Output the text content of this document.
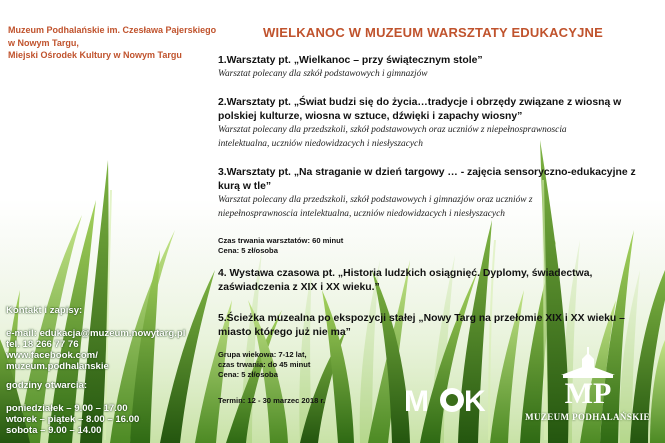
Muzeum Podhalańskie im. Czesława Pajerskiego
w Nowym Targu,
Miejski Ośrodek Kultury w Nowym Targu
WIELKANOC W MUZEUM WARSZTATY EDUKACYJNE
1.Warsztaty pt. „Wielkanoc – przy świątecznym stole”
Warsztat polecany dla szkół podstawowych i gimnazjów
2.Warsztaty pt. „Świat budzi się do życia…tradycje i obrzędy związane z wiosną w
polskiej kulturze, wiosna w sztuce, dźwięki i zapachy wiosny”
Warsztat polecany dla przedszkoli, szkół podstawowych oraz uczniów z niepełnosprawnoscia
intelektualna, uczniów niedowidzacych i niesłyszacych
3.Warsztaty pt. „Na straganie w dzień targowy … - zajęcia sensoryczno-edukacyjne z
kurą w tle”
Warsztat polecany dla przedszkoli, szkół podstawowych i gimnazjów oraz uczniów z
niepełnosprawnoscia intelektualna, uczniów niedowidzacych i niesłyszacych
Czas trwania warsztatów: 60 minut
Cena: 5 zł/osoba
4. Wystawa czasowa pt. „Historia ludzkich osiągnięć. Dyplomy, świadectwa,
zaświadczenia z XIX i XX wieku.”
5.Ścieżka muzealna po ekspozycji stałej „Nowy Targ na przełomie XIX i XX wieku –
miasto którego już nie ma”
Grupa wiekowa: 7-12 lat,
czas trwania: do 45 minut
Cena: 5 zł/osoba
Termin: 12 - 30 marzec 2018 r.
Kontakt i zapisy:
e-mail: edukacja@muzeum.nowytarg.pl
tel. 18 266 77 76
www.facebook.com/
muzeum.podhalanskie
godziny otwarcia:
poniedziałek – 9.00 – 17.00
wtorek – piątek – 8.00 – 16.00
sobota – 9.00 – 14.00
M K	MP
MUZEUM PODHALAŃSKIE
